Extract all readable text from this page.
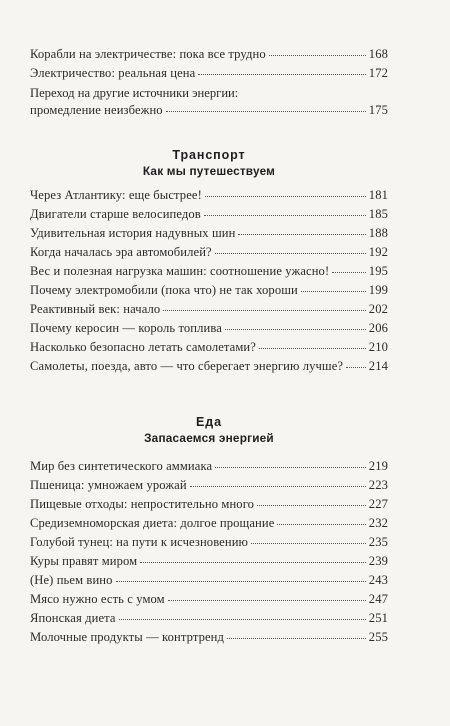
Корабли на электричестве: пока все трудно	168
Электричество: реальная цена	172
Переход на другие источники энергии:
промедление неизбежно	175
Транспорт
Как мы путешествуем
Через Атлантику: еще быстрее!	181
Двигатели старше велосипедов	185
Удивительная история надувных шин	188
Когда началась эра автомобилей?	192
Вес и полезная нагрузка машин: соотношение ужасно!	195
Почему электромобили (пока что) не так хороши	199
Реактивный век: начало	202
Почему керосин — король топлива	206
Насколько безопасно летать самолетами?	210
Самолеты, поезда, авто — что сберегает энергию лучше? 214
Еда
Запасаемся энергией
Мир без синтетического аммиака	219
Пшеница: умножаем урожай	223
Пищевые отходы: непростительно много	227
Средиземноморская диета: долгое прощание	232
Голубой тунец: на пути к исчезновению	235
Куры правят миром	239
(Не) пьем вино	243
Мясо нужно есть с умом	247
Японская диета	251
Молочные продукты — контртренд	255
